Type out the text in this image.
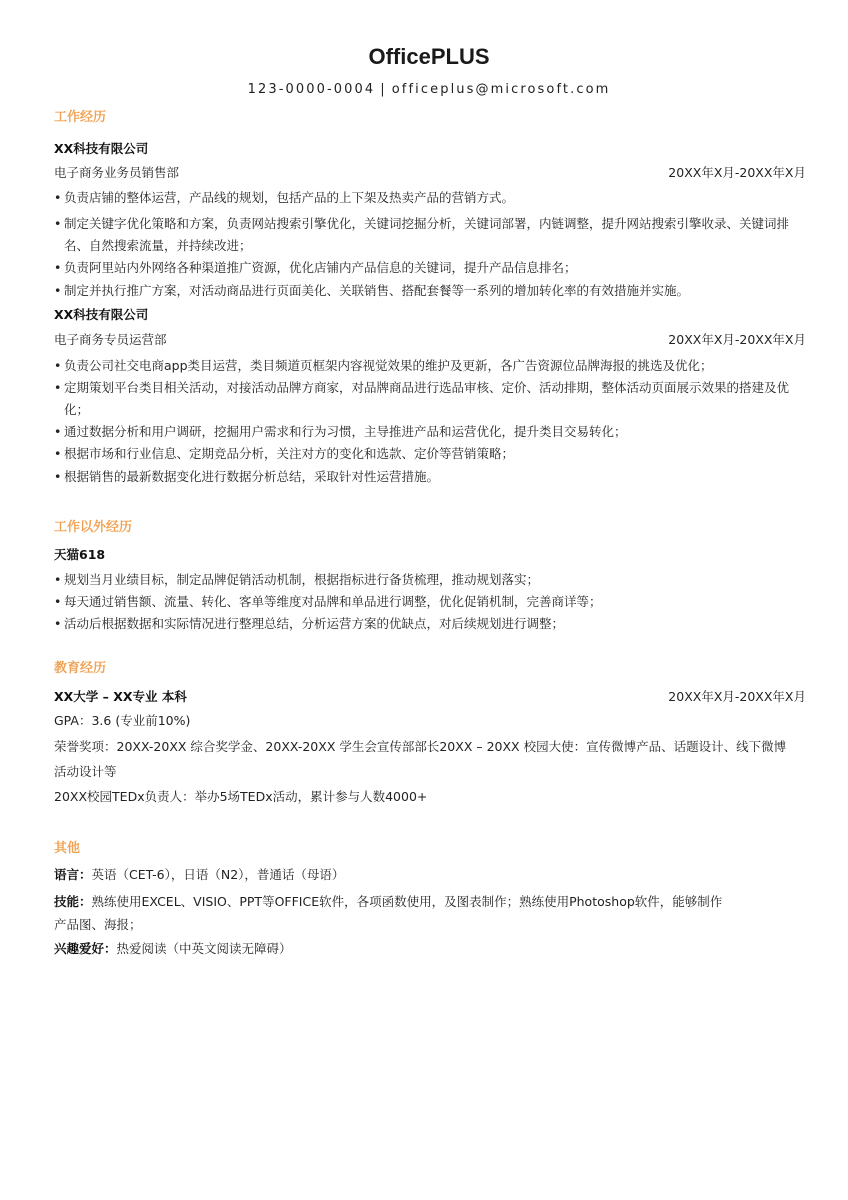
OfficePLUS
123-0000-0004 | officeplus@microsoft.com
工作经历
XX科技有限公司
电子商务业务员销售部	20XX年X月-20XX年X月
• 负责店铺的整体运营，产品线的规划，包括产品的上下架及热卖产品的营销方式。
• 制定关键字优化策略和方案，负责网站搜索引擎优化，关键词挖掘分析，关键词部署，内链调整，提升网站搜索引擎收录、关键词排名、自然搜索流量，并持续改进；
• 负责阿里站内外网络各种渠道推广资源，优化店铺内产品信息的关键词，提升产品信息排名；
• 制定并执行推广方案，对活动商品进行页面美化、关联销售、搭配套餐等一系列的增加转化率的有效措施并实施。
XX科技有限公司
电子商务专员运营部	20XX年X月-20XX年X月
• 负责公司社交电商app类目运营，类目频道页框架内容视觉效果的维护及更新，各广告资源位品牌海报的挑选及优化；
• 定期策划平台类目相关活动，对接活动品牌方商家，对品牌商品进行选品审核、定价、活动排期，整体活动页面展示效果的搭建及优化；
• 通过数据分析和用户调研，挖掘用户需求和行为习惯，主导推进产品和运营优化，提升类目交易转化；
• 根据市场和行业信息、定期竞品分析，关注对方的变化和选款、定价等营销策略；
• 根据销售的最新数据变化进行数据分析总结，采取针对性运营措施。
工作以外经历
天猫618
• 规划当月业绩目标，制定品牌促销活动机制，根据指标进行备货梳理，推动规划落实；
• 每天通过销售额、流量、转化、客单等维度对品牌和单品进行调整，优化促销机制，完善商详等；
• 活动后根据数据和实际情况进行整理总结，分析运营方案的优缺点，对后续规划进行调整；
教育经历
XX大学 – XX专业 本科	20XX年X月-20XX年X月
GPA：3.6 (专业前10%)
荣誉奖项：20XX-20XX 综合奖学金、20XX-20XX 学生会宣传部部长20XX – 20XX 校园大使：宣传微博产品、话题设计、线下微博
活动设计等
20XX校园TEDx负责人：举办5场TEDx活动，累计参与人数4000+
其他
语言：英语（CET-6），日语（N2），普通话（母语）
技能：熟练使用EXCEL、VISIO、PPT等OFFICE软件，各项函数使用，及图表制作；熟练使用Photoshop软件，能够制作
产品图、海报；
兴趣爱好：热爱阅读（中英文阅读无障碍）
